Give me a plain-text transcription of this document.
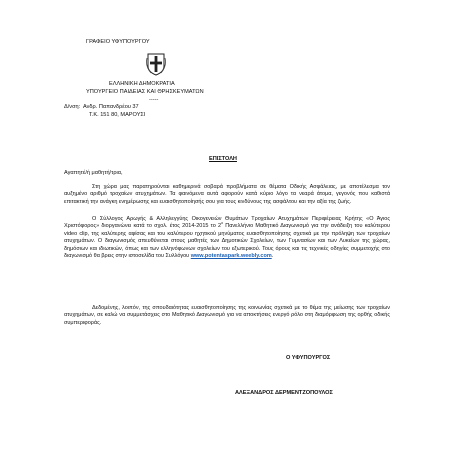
ΓΡΑΦΕΙΟ ΥΦΥΠΟΥΡΓΟΥ
ΕΛΛΗΝΙΚΗ ΔΗΜΟΚΡΑΤΙΑ
ΥΠΟΥΡΓΕΙΟ ΠΑΙΔΕΙΑΣ ΚΑΙ ΘΡΗΣΚΕΥΜΑΤΩΝ
-----
Δ/νση: Ανδρ. Παπανδρέου 37
Τ.Κ. 151 80, ΜΑΡΟΥΣΙ
ΕΠΙΣΤΟΛΗ
Αγαπητέ/ή μαθητή/τρια,
Στη χώρα μας παρατηρούνται καθημερινά σοβαρά προβλήματα σε θέματα Οδικής Ασφάλειας, με αποτέλεσμα τον αυξημένο αριθμό τροχαίων ατυχημάτων. Τα φαινόμενα αυτά αφορούν κατά κύριο λόγο τα νεαρά άτομα, γεγονός που καθιστά επιτακτική την ανάγκη ενημέρωσης και ευαισθητοποίησής σου για τους κινδύνους της ασφάλτου και την αξία της ζωής.
Ο Σύλλογος Αρωγής & Αλληλεγγύης Οικογενειών Θυμάτων Τροχαίων Ατυχημάτων Περιφέρειας Κρήτης «Ο Άγιος Χριστόφορος» διοργανώνει κατά το σχολ. έτος 2014-2015 το $2^o$ Πανελλήνιο Μαθητικό Διαγωνισμό για την ανάδειξη του καλύτερου video clip, της καλύτερης αφίσας και του καλύτερου ηχητικού μηνύματος ευαισθητοποίησης σχετικά με την πρόληψη των τροχαίων ατυχημάτων. Ο διαγωνισμός απευθύνεται στους μαθητές των Δημοτικών Σχολείων, των Γυμνασίων και των Λυκείων της χώρας, δημόσιων και ιδιωτικών, όπως και των ελληνόφωνων σχολείων του εξωτερικού. Τους όρους και τις τεχνικές οδηγίες συμμετοχής στο διαγωνισμό θα βρεις στην ιστοσελίδα του Συλλόγου www.potentaspark.weebly.com.
Δεδομένης, λοιπόν, της σπουδαιότητας ευαισθητοποίησης της κοινωνίας σχετικά με το θέμα της μείωσης των τροχαίων ατυχημάτων, σε καλώ να συμμετάσχεις στο Μαθητικό Διαγωνισμό για να αποκτήσεις ενεργό ρόλο στη διαμόρφωση της ορθής οδικής συμπεριφοράς.
Ο ΥΦΥΠΟΥΡΓΟΣ
ΑΛΕΞΑΝΔΡΟΣ ΔΕΡΜΕΝΤΖΟΠΟΥΛΟΣ
